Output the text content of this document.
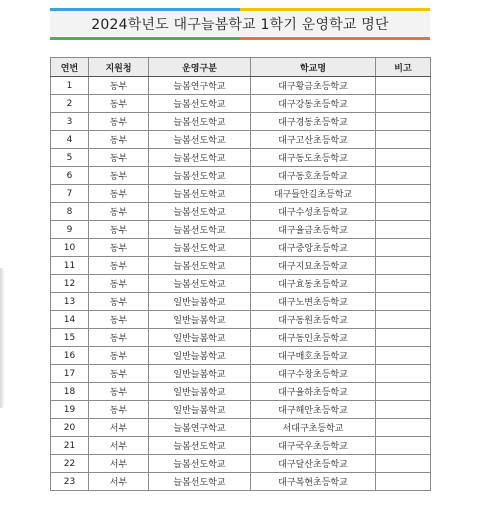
2024학년도 대구늘봄학교 1학기 운영학교 명단
연번	지원청	운영구분	학교명	비고
1	동부	늘봄연구학교	대구황금초등학교	
2	동부	늘봄선도학교	대구강동초등학교	
3	동부	늘봄선도학교	대구경동초등학교	
4	동부	늘봄선도학교	대구고산초등학교	
5	동부	늘봄선도학교	대구동도초등학교	
6	동부	늘봄선도학교	대구동호초등학교	
7	동부	늘봄선도학교	대구들안길초등학교	
8	동부	늘봄선도학교	대구수성초등학교	
9	동부	늘봄선도학교	대구율금초등학교	
10	동부	늘봄선도학교	대구중앙초등학교	
11	동부	늘봄선도학교	대구지묘초등학교	
12	동부	늘봄선도학교	대구효동초등학교	
13	동부	일반늘봄학교	대구노변초등학교	
14	동부	일반늘봄학교	대구동원초등학교	
15	동부	일반늘봄학교	대구동인초등학교	
16	동부	일반늘봄학교	대구매호초등학교	
17	동부	일반늘봄학교	대구수창초등학교	
18	동부	일반늘봄학교	대구율하초등학교	
19	동부	일반늘봄학교	대구해안초등학교	
20	서부	늘봄연구학교	서대구초등학교	
21	서부	늘봄선도학교	대구국우초등학교	
22	서부	늘봄선도학교	대구달산초등학교	
23	서부	늘봄선도학교	대구복현초등학교	
